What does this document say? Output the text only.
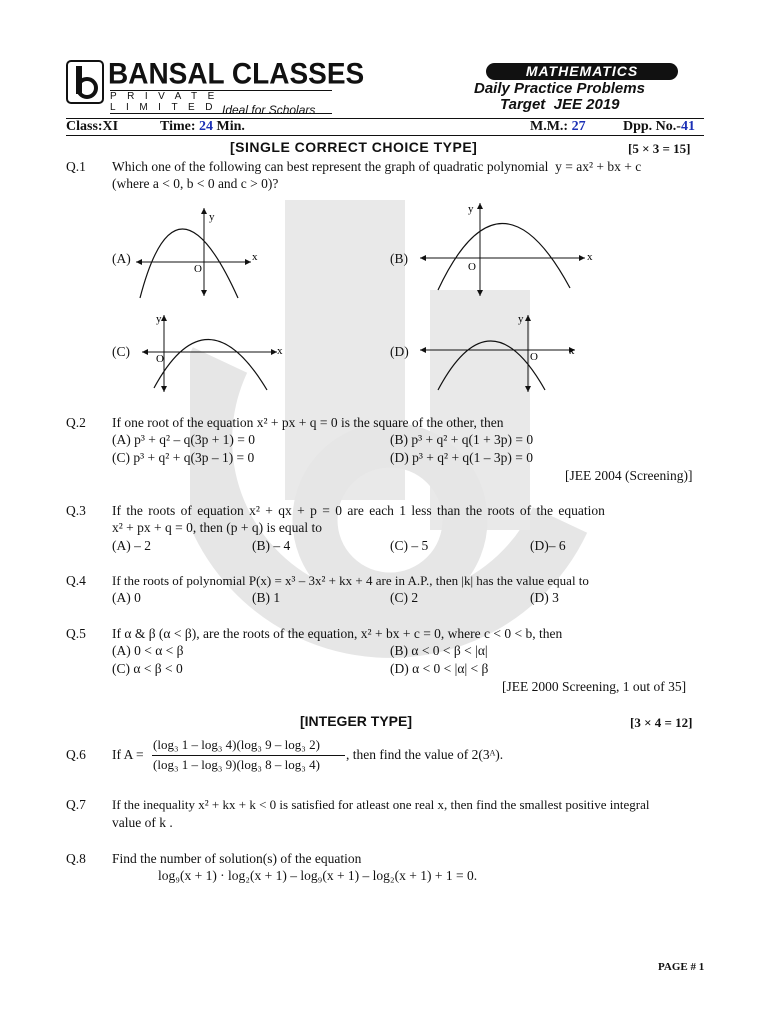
BANSAL CLASSES
PRIVATE LIMITED Ideal for Scholars
MATHEMATICS
Daily Practice Problems
Target  JEE 2019
Class:XI	Time: 24 Min.	M.M.: 27	Dpp. No.-41
[SINGLE CORRECT CHOICE TYPE]	[5 × 3 = 15]
Q.1 Which one of the following can best represent the graph of quadratic polynomial y = ax² + bx + c
(where a < 0, b < 0 and c > 0)?
(A)
y
x
O
(B)
y
x
O
(C)
y
x
O	(D)
y
x
O
Q.2 If one root of the equation x² + px + q = 0 is the square of the other, then
(A) p³ + q² – q(3p + 1) = 0	(B) p³ + q² + q(1 + 3p) = 0
(C) p³ + q² + q(3p – 1) = 0	(D) p³ + q² + q(1 – 3p) = 0
[JEE 2004 (Screening)]
Q.3 If the roots of equation x² + qx + p = 0 are each 1 less than the roots of the equation
x² + px + q = 0, then (p + q) is equal to
(A) – 2	(B) – 4	(C) – 5	(D)– 6
Q.4 If the roots of polynomial P(x) = x³ – 3x² + kx + 4 are in A.P., then |k| has the value equal to
(A) 0	(B) 1	(C) 2	(D) 3
Q.5 If α & β (α < β), are the roots of the equation, x² + bx + c = 0, where c < 0 < b, then
(A) 0 < α < β	(B) α < 0 < β < |α|
(C) α < β < 0	(D) α < 0 < |α| < β
[JEE 2000 Screening, 1 out of 35]
[INTEGER TYPE]	[3 × 4 = 12]
Q.6 If A =
(log₃ 1 – log₃ 4)(log₃ 9 – log₃ 2)
(log₃ 1 – log₃ 9)(log₃ 8 – log₃ 4)
, then find the value of 2(3ᴬ).
Q.7 If the inequality x² + kx + k < 0 is satisfied for atleast one real x, then find the smallest positive integral
value of k .
Q.8 Find the number of solution(s) of the equation
log₉(x + 1) · log₂(x + 1) – log₉(x + 1) – log₂(x + 1) + 1 = 0.
PAGE # 1
